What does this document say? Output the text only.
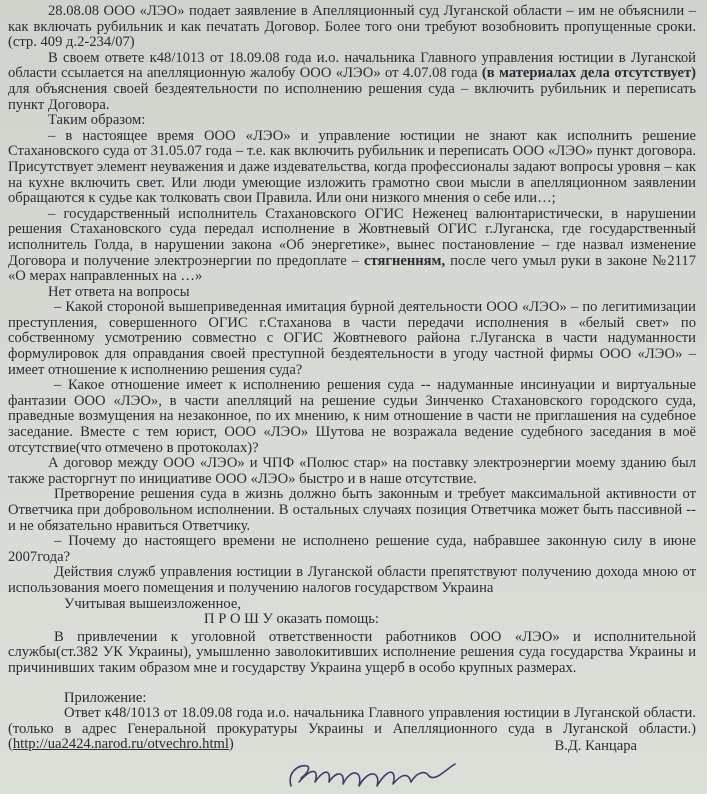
28.08.08 ООО «ЛЭО» подает заявление в Апелляционный суд Луганской области – им не объяснили – как включать рубильник и как печатать Договор. Более того они требуют возобновить пропущенные сроки.(стр. 409 д.2-234/07)

В своем ответе к48/1013 от 18.09.08 года и.о. начальника Главного управления юстиции в Луганской области ссылается на апелляционную жалобу ООО «ЛЭО» от 4.07.08 года (в материалах дела отсутствует) для объяснения своей бездеятельности по исполнению решения суда – включить рубильник и переписать пункт Договора.

Таким образом:

– в настоящее время ООО «ЛЭО» и управление юстиции не знают как исполнить решение Стахановского суда от 31.05.07 года – т.е. как включить рубильник и переписать ООО «ЛЭО» пункт договора. Присутствует элемент неуважения и даже издевательства, когда профессионалы задают вопросы уровня – как на кухне включить свет. Или люди умеющие изложить грамотно свои мысли в апелляционном заявлении обращаются к судье как толковать свои Правила. Или они низкого мнения о себе или…;

– государственный исполнитель Стахановского ОГИС Неженец валюнтаристически, в нарушении решения Стахановского суда передал исполнение в Жовтневый ОГИС г.Луганска, где государственный исполнитель Голда, в нарушении закона «Об энергетике», вынес постановление – где назвал изменение Договора и получение электроэнергии по предоплате – стягненням, после чего умыл руки в законе №2117 «О мерах направленных на …»

Нет ответа на вопросы

– Какой стороной вышеприведенная имитация бурной деятельности ООО «ЛЭО» – по легитимизации преступления, совершенного ОГИС г.Стаханова в части передачи исполнения в «белый свет» по собственному усмотрению совместно с ОГИС Жовтневого района г.Луганска в части надуманности формулировок для оправдания своей преступной бездеятельности в угоду частной фирмы ООО «ЛЭО» – имеет отношение к исполнению решения суда?

– Какое отношение имеет к исполнению решения суда -- надуманные инсинуации и виртуальные фантазии ООО «ЛЭО», в части апелляций на решение судьи Зинченко Стахановского городского суда, праведные возмущения на незаконное, по их мнению, к ним отношение в части не приглашения на судебное заседание. Вместе с тем юрист, ООО «ЛЭО» Шутова не возражала ведение судебного заседания в моё отсутствие(что отмечено в протоколах)?

А договор между ООО «ЛЭО» и ЧПФ «Полюс стар» на поставку электроэнергии моему зданию был также расторгнут по инициативе ООО «ЛЭО» быстро и в наше отсутствие.

Претворение решения суда в жизнь должно быть законным и требует максимальной активности от Ответчика при добровольном исполнении. В остальных случаях позиция Ответчика может быть пассивной -- и не обязательно нравиться Ответчику.

– Почему до настоящего времени не исполнено решение суда, набравшее законную силу в июне 2007года?

Действия служб управления юстиции в Луганской области препятствуют получению дохода мною от использования моего помещения и получению налогов государством Украина

Учитывая вышеизложенное,

П Р О Ш У оказать помощь:

В привлечении к уголовной ответственности работников ООО «ЛЭО» и исполнительной службы(ст.382 УК Украины), умышленно заволокитивших исполнение решения суда государства Украины и причинивших таким образом мне и государству Украина ущерб в особо крупных размерах.

Приложение:

Ответ к48/1013 от 18.09.08 года и.о. начальника Главного управления юстиции в Луганской области. (только в адрес Генеральной прокуратуры Украины и Апелляционного суда в Луганской области.) (http://ua2424.narod.ru/otvechro.html)	В.Д. Канцара
